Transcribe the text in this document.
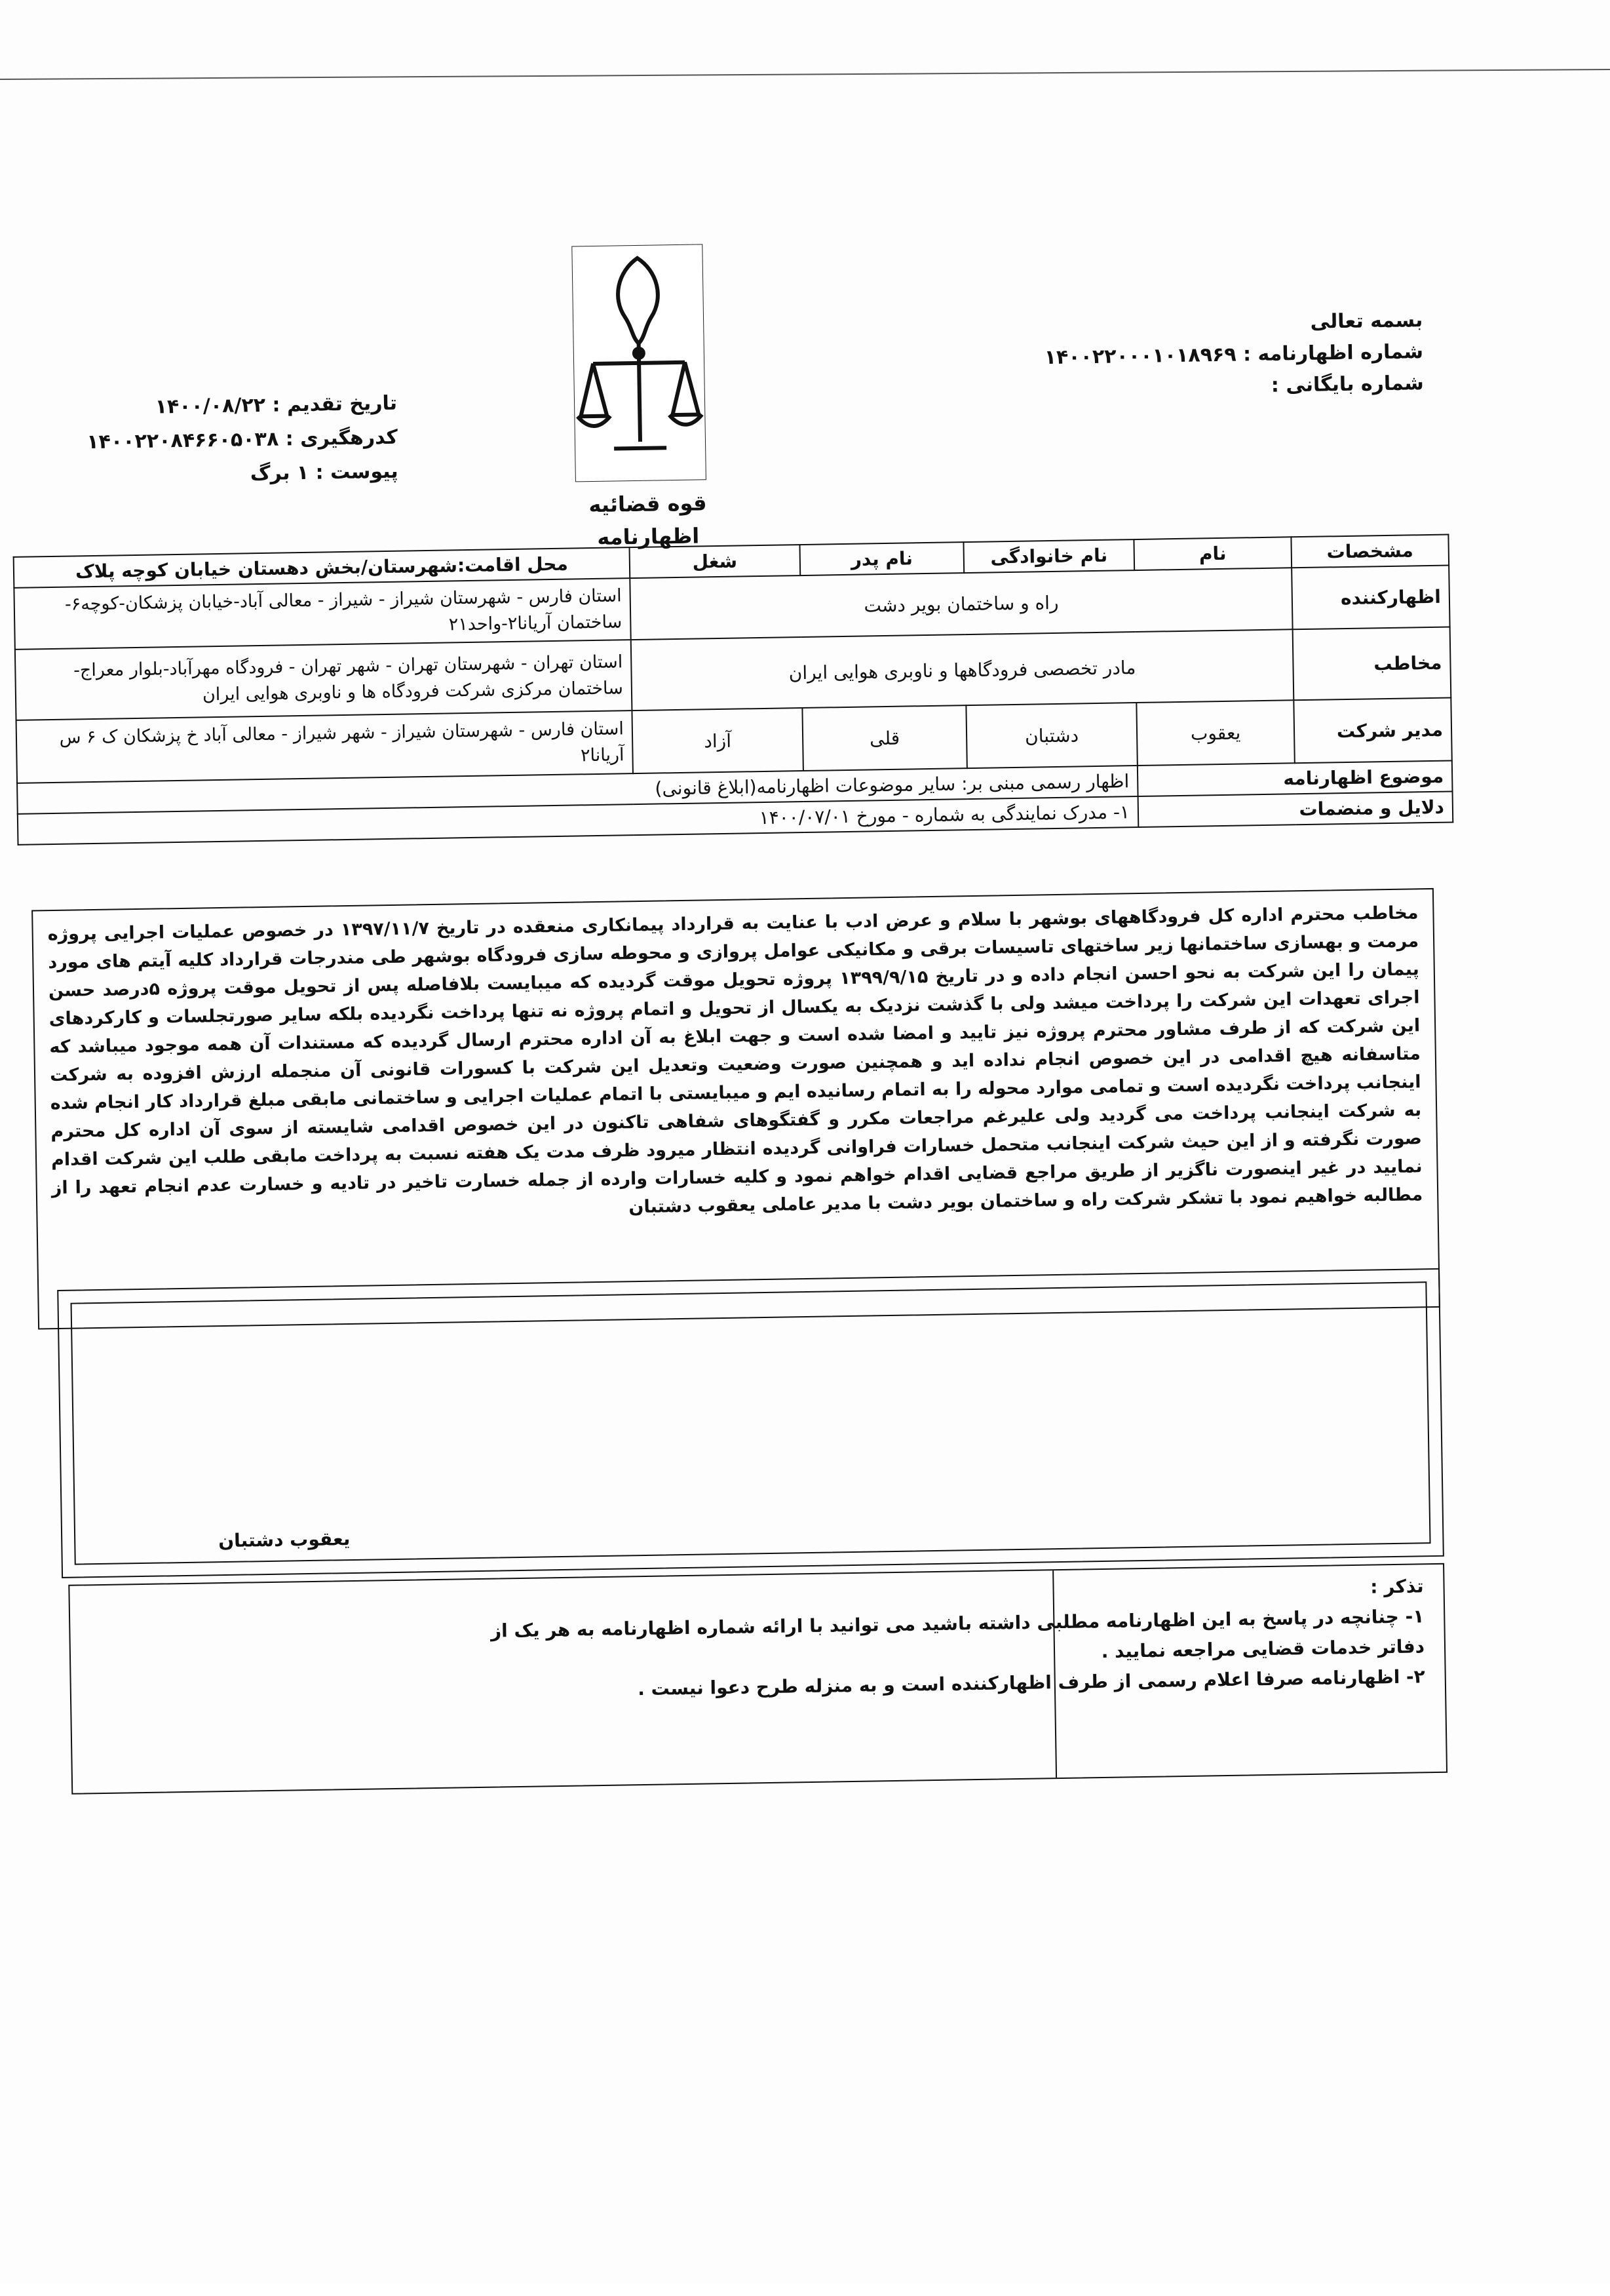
بسمه تعالی
شماره اظهارنامه : ۱۴۰۰۲۲۰۰۰۱۰۱۸۹۶۹
شماره بایگانی :
قوه قضائیه
اظهارنامه
تاریخ تقدیم : ۱۴۰۰/۰۸/۲۲
کدرهگیری : ۱۴۰۰۲۲۰۸۴۶۶۰۵۰۳۸
پیوست : ۱ برگ
مشخصات	نام	نام خانوادگی	نام پدر	شغل	محل اقامت:شهرستان/بخش دهستان خیابان کوچه پلاک
اظهارکننده	راه و ساختمان بویر دشت				استان فارس - شهرستان شیراز - شیراز - معالی آباد-خیابان پزشکان-کوچه۶-ساختمان آریانا۲-واحد۲۱
مخاطب	مادر تخصصی فرودگاهها و ناوبری هوایی ایران				استان تهران - شهرستان تهران - شهر تهران - فرودگاه مهرآباد-بلوار معراج-ساختمان مرکزی شرکت فرودگاه ها و ناوبری هوایی ایران
مدیر شرکت	یعقوب	دشتبان	قلی	آزاد	استان فارس - شهرستان شیراز - شهر شیراز - معالی آباد خ پزشکان ک ۶ س آریانا۲
موضوع اظهارنامه		اظهار رسمی مبنی بر: سایر موضوعات اظهارنامه(ابلاغ قانونی)			
دلایل و منضمات		۱- مدرک نمایندگی به شماره - مورخ ۱۴۰۰/۰۷/۰۱			
مخاطب محترم اداره کل فرودگاههای بوشهر با سلام و عرض ادب با عنایت به قرارداد پیمانکاری منعقده در تاریخ ۱۳۹۷/۱۱/۷ در خصوص عملیات اجرایی پروژه مرمت و بهسازی ساختمانها زیر ساختهای تاسیسات برقی و مکانیکی عوامل پروازی و محوطه سازی فرودگاه بوشهر طی مندرجات قرارداد کلیه آیتم های مورد پیمان را این شرکت به نحو احسن انجام داده و در تاریخ ۱۳۹۹/۹/۱۵ پروژه تحویل موقت گردیده که میبایست بلافاصله پس از تحویل موقت پروژه ۵درصد حسن اجرای تعهدات این شرکت را پرداخت میشد ولی با گذشت نزدیک به یکسال از تحویل و اتمام پروژه نه تنها پرداخت نگردیده بلکه سایر صورتجلسات و کارکردهای این شرکت که از طرف مشاور محترم پروژه نیز تایید و امضا شده است و جهت ابلاغ به آن اداره محترم ارسال گردیده که مستندات آن همه موجود میباشد که متاسفانه هیچ اقدامی در این خصوص انجام نداده اید و همچنین صورت وضعیت وتعدیل این شرکت با کسورات قانونی آن منجمله ارزش افزوده به شرکت اینجانب پرداخت نگردیده است و تمامی موارد محوله را به اتمام رسانیده ایم و میبایستی با اتمام عملیات اجرایی و ساختمانی مابقی مبلغ قرارداد کار انجام شده به شرکت اینجانب پرداخت می گردید ولی علیرغم مراجعات مکرر و گفتگوهای شفاهی تاکنون در این خصوص اقدامی شایسته از سوی آن اداره کل محترم صورت نگرفته و از این حیث شرکت اینجانب متحمل خسارات فراوانی گردیده انتظار میرود ظرف مدت یک هفته نسبت به پرداخت مابقی طلب این شرکت اقدام نمایید در غیر اینصورت ناگزیر از طریق مراجع قضایی اقدام خواهم نمود و کلیه خسارات وارده از جمله خسارت تاخیر در تادیه و خسارت عدم انجام تعهد را از مطالبه خواهیم نمود با تشکر شرکت راه و ساختمان بویر دشت با مدیر عاملی یعقوب دشتبان
یعقوب دشتبان
تذکر :
۱- چنانچه در پاسخ به این اظهارنامه مطلبی داشته باشید می توانید با ارائه شماره اظهارنامه به هر یک از دفاتر خدمات قضایی مراجعه نمایید .
۲- اظهارنامه صرفا اعلام رسمی از طرف اظهارکننده است و به منزله طرح دعوا نیست .
